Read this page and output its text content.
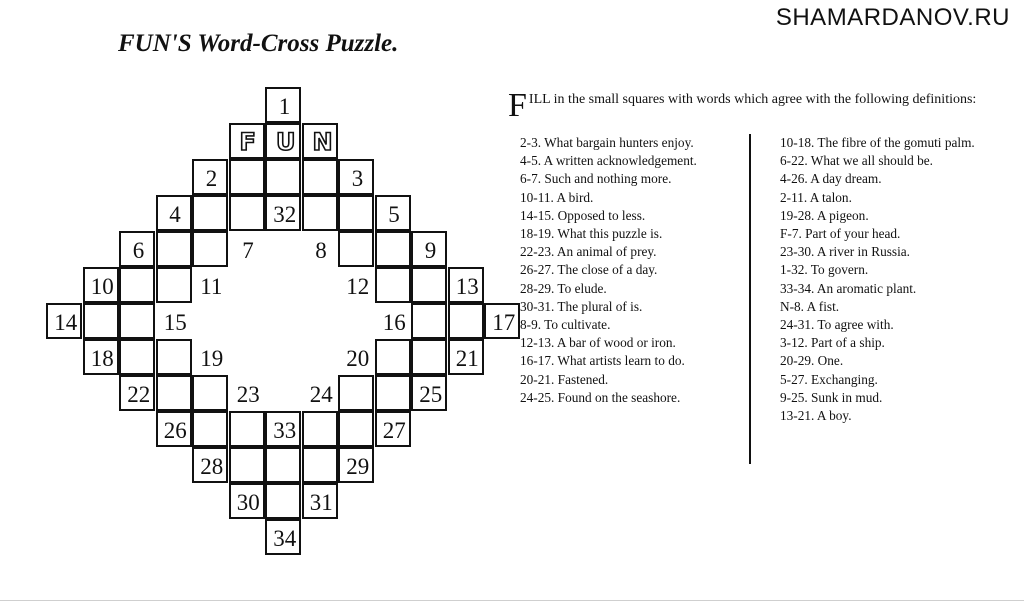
SHAMARDANOV.RU
FUN'S Word-Cross Puzzle.
1
2	3
4	32	5
6	7	8	9
10	11	12	13
14	15	16	17
18	19	20	21
22	23 24	25
26	33	27
28	29
30 31
34
F U N
F ILL in the small squares with words which agree with the following definitions:
2-3. What bargain hunters enjoy.
4-5. A written acknowledgement.
6-7. Such and nothing more.
10-11. A bird.
14-15. Opposed to less.
18-19. What this puzzle is.
22-23. An animal of prey.
26-27. The close of a day.
28-29. To elude.
30-31. The plural of is.
8-9. To cultivate.
12-13. A bar of wood or iron.
16-17. What artists learn to do.
20-21. Fastened.
24-25. Found on the seashore.
10-18. The fibre of the gomuti palm.
6-22. What we all should be.
4-26. A day dream.
2-11. A talon.
19-28. A pigeon.
F-7. Part of your head.
23-30. A river in Russia.
1-32. To govern.
33-34. An aromatic plant.
N-8. A fist.
24-31. To agree with.
3-12. Part of a ship.
20-29. One.
5-27. Exchanging.
9-25. Sunk in mud.
13-21. A boy.
